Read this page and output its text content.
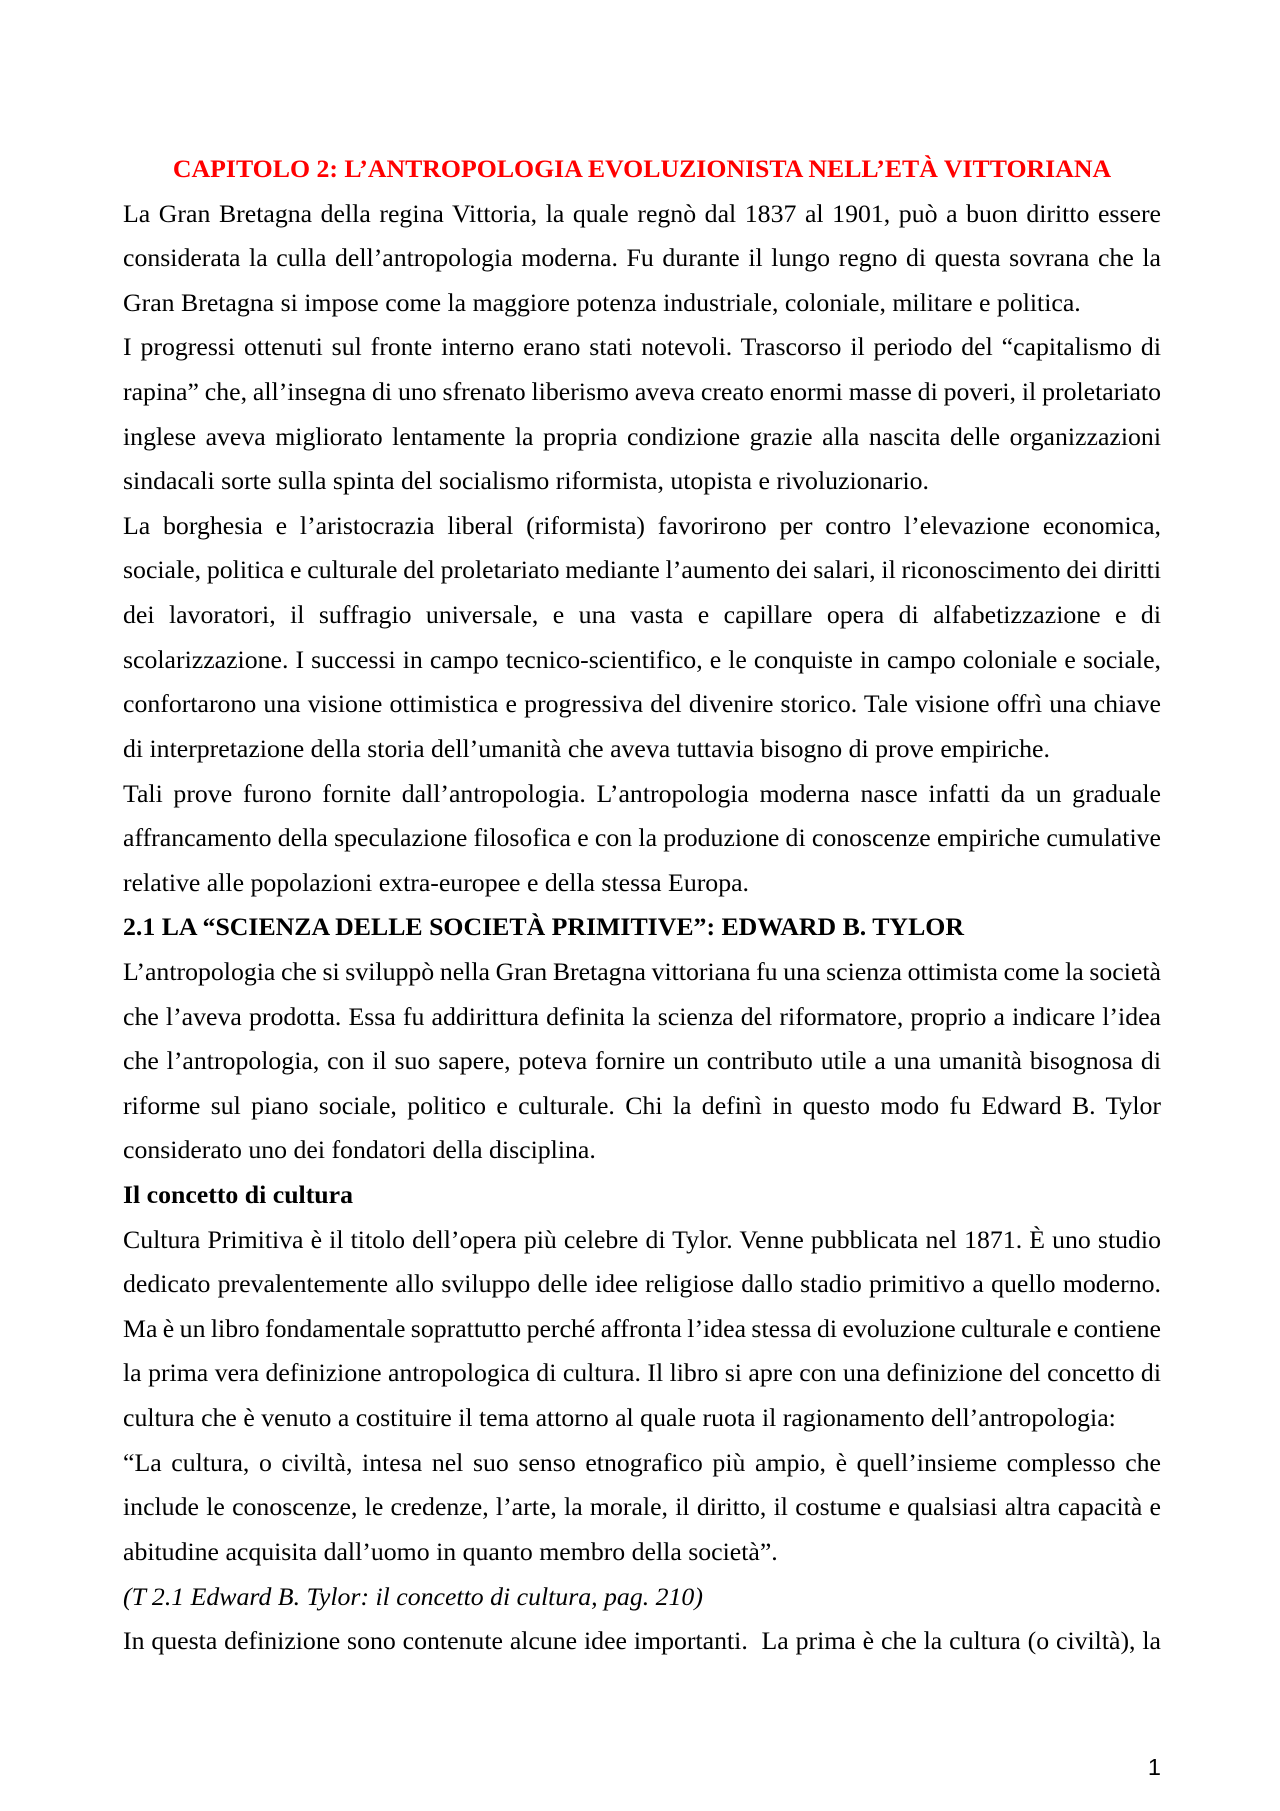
CAPITOLO 2: L’ANTROPOLOGIA EVOLUZIONISTA NELL’ETÀ VITTORIANA
La Gran Bretagna della regina Vittoria, la quale regnò dal 1837 al 1901, può a buon diritto essere
considerata la culla dell’antropologia moderna. Fu durante il lungo regno di questa sovrana che la
Gran Bretagna si impose come la maggiore potenza industriale, coloniale, militare e politica.
I progressi ottenuti sul fronte interno erano stati notevoli. Trascorso il periodo del “capitalismo di
rapina” che, all’insegna di uno sfrenato liberismo aveva creato enormi masse di poveri, il proletariato
inglese aveva migliorato lentamente la propria condizione grazie alla nascita delle organizzazioni
sindacali sorte sulla spinta del socialismo riformista, utopista e rivoluzionario.
La borghesia e l’aristocrazia liberal (riformista) favorirono per contro l’elevazione economica,
sociale, politica e culturale del proletariato mediante l’aumento dei salari, il riconoscimento dei diritti
dei lavoratori, il suffragio universale, e una vasta e capillare opera di alfabetizzazione e di
scolarizzazione. I successi in campo tecnico-scientifico, e le conquiste in campo coloniale e sociale,
confortarono una visione ottimistica e progressiva del divenire storico. Tale visione offrì una chiave
di interpretazione della storia dell’umanità che aveva tuttavia bisogno di prove empiriche.
Tali prove furono fornite dall’antropologia. L’antropologia moderna nasce infatti da un graduale
affrancamento della speculazione filosofica e con la produzione di conoscenze empiriche cumulative
relative alle popolazioni extra-europee e della stessa Europa.
2.1 LA “SCIENZA DELLE SOCIETÀ PRIMITIVE”: EDWARD B. TYLOR
L’antropologia che si sviluppò nella Gran Bretagna vittoriana fu una scienza ottimista come la società
che l’aveva prodotta. Essa fu addirittura definita la scienza del riformatore, proprio a indicare l’idea
che l’antropologia, con il suo sapere, poteva fornire un contributo utile a una umanità bisognosa di
riforme sul piano sociale, politico e culturale. Chi la definì in questo modo fu Edward B. Tylor
considerato uno dei fondatori della disciplina.
Il concetto di cultura
Cultura Primitiva è il titolo dell’opera più celebre di Tylor. Venne pubblicata nel 1871. È uno studio
dedicato prevalentemente allo sviluppo delle idee religiose dallo stadio primitivo a quello moderno.
Ma è un libro fondamentale soprattutto perché affronta l’idea stessa di evoluzione culturale e contiene
la prima vera definizione antropologica di cultura. Il libro si apre con una definizione del concetto di
cultura che è venuto a costituire il tema attorno al quale ruota il ragionamento dell’antropologia:
“La cultura, o civiltà, intesa nel suo senso etnografico più ampio, è quell’insieme complesso che
include le conoscenze, le credenze, l’arte, la morale, il diritto, il costume e qualsiasi altra capacità e
abitudine acquisita dall’uomo in quanto membro della società”.
(T 2.1 Edward B. Tylor: il concetto di cultura, pag. 210)
In questa definizione sono contenute alcune idee importanti.  La prima è che la cultura (o civiltà), la
1
